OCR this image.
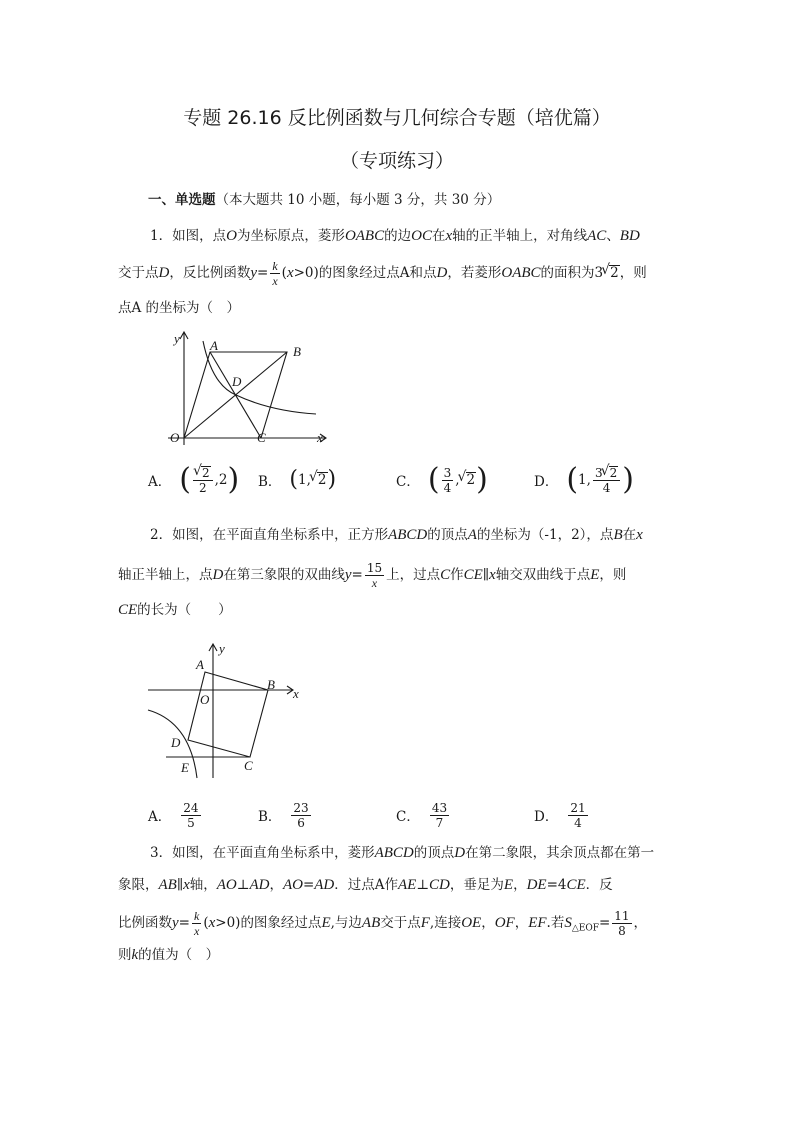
专题 26.16 反比例函数与几何综合专题（培优篇）
（专项练习）
一、单选题（本大题共 10 小题，每小题 3 分，共 30 分）
1．如图，点O为坐标原点，菱形OABC的边OC在x轴的正半轴上，对角线AC、BD
交于点D，反比例函数$y= \frac{k}{x} (x>0)$的图象经过点A和点D，若菱形OABC的面积为3 √ 2，则
点A 的坐标为（　）
y A	B
D
O	C	x
A． ( √ $\frac{2}{2} ,2$ ) B． ( 1, √ 2 )	C． ( $\frac{3}{4}$ , √ 2 )	D． ( 1, $\frac{3 √ 2}{4}$ )
2．如图，在平面直角坐标系中，正方形ABCD的顶点A的坐标为（-1，2），点B在x
轴正半轴上，点D在第三象限的双曲线$y= \frac{15}{x}$ 上，过点C作CE∥x轴交双曲线于点E，则
CE的长为（　　）
A
y
B
O	x
D
E	C
A． $\frac{24}{5}$	B． $\frac{23}{6}$	C． $\frac{43}{7}$	D． $\frac{21}{4}$
3．如图，在平面直角坐标系中，菱形ABCD的顶点D在第二象限，其余顶点都在第一
象限，AB∥x轴，AO⊥AD，AO=AD．过点A作AE⊥CD，垂足为E，DE=4CE．反
比例函数$y= \frac{k}{x} (x>0)$的图象经过点E,与边AB交于点F,连接OE，OF，EF.若$S_{\triangle EOF}= \frac{11}{8}$ ，
则k的值为（　）
